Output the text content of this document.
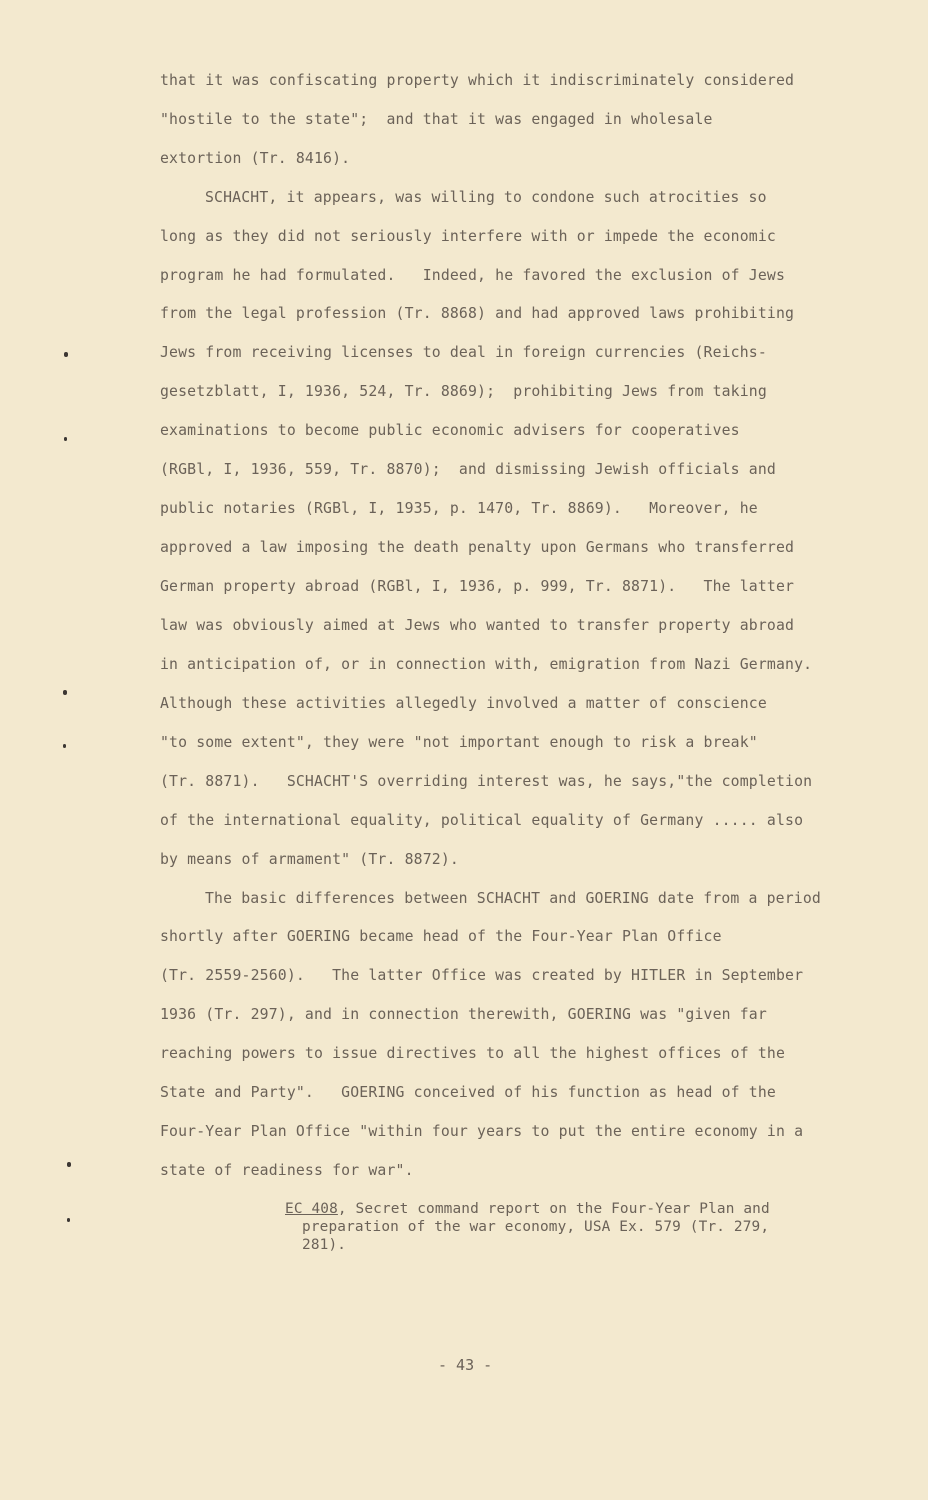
that it was confiscating property which it indiscriminately considered
"hostile to the state";  and that it was engaged in wholesale
extortion (Tr. 8416).
SCHACHT, it appears, was willing to condone such atrocities so
long as they did not seriously interfere with or impede the economic
program he had formulated.   Indeed, he favored the exclusion of Jews
from the legal profession (Tr. 8868) and had approved laws prohibiting
Jews from receiving licenses to deal in foreign currencies (Reichs-
gesetzblatt, I, 1936, 524, Tr. 8869);  prohibiting Jews from taking
examinations to become public economic advisers for cooperatives
(RGBl, I, 1936, 559, Tr. 8870);  and dismissing Jewish officials and
public notaries (RGBl, I, 1935, p. 1470, Tr. 8869).   Moreover, he
approved a law imposing the death penalty upon Germans who transferred
German property abroad (RGBl, I, 1936, p. 999, Tr. 8871).   The latter
law was obviously aimed at Jews who wanted to transfer property abroad
in anticipation of, or in connection with, emigration from Nazi Germany.
Although these activities allegedly involved a matter of conscience
"to some extent", they were "not important enough to risk a break"
(Tr. 8871).   SCHACHT'S overriding interest was, he says,"the completion
of the international equality, political equality of Germany ..... also
by means of armament" (Tr. 8872).
The basic differences between SCHACHT and GOERING date from a period
shortly after GOERING became head of the Four-Year Plan Office
(Tr. 2559-2560).   The latter Office was created by HITLER in September
1936 (Tr. 297), and in connection therewith, GOERING was "given far
reaching powers to issue directives to all the highest offices of the
State and Party".   GOERING conceived of his function as head of the
Four-Year Plan Office "within four years to put the entire economy in a
state of readiness for war".
EC 408, Secret command report on the Four-Year Plan and
preparation of the war economy, USA Ex. 579 (Tr. 279,
281).
- 43 -
